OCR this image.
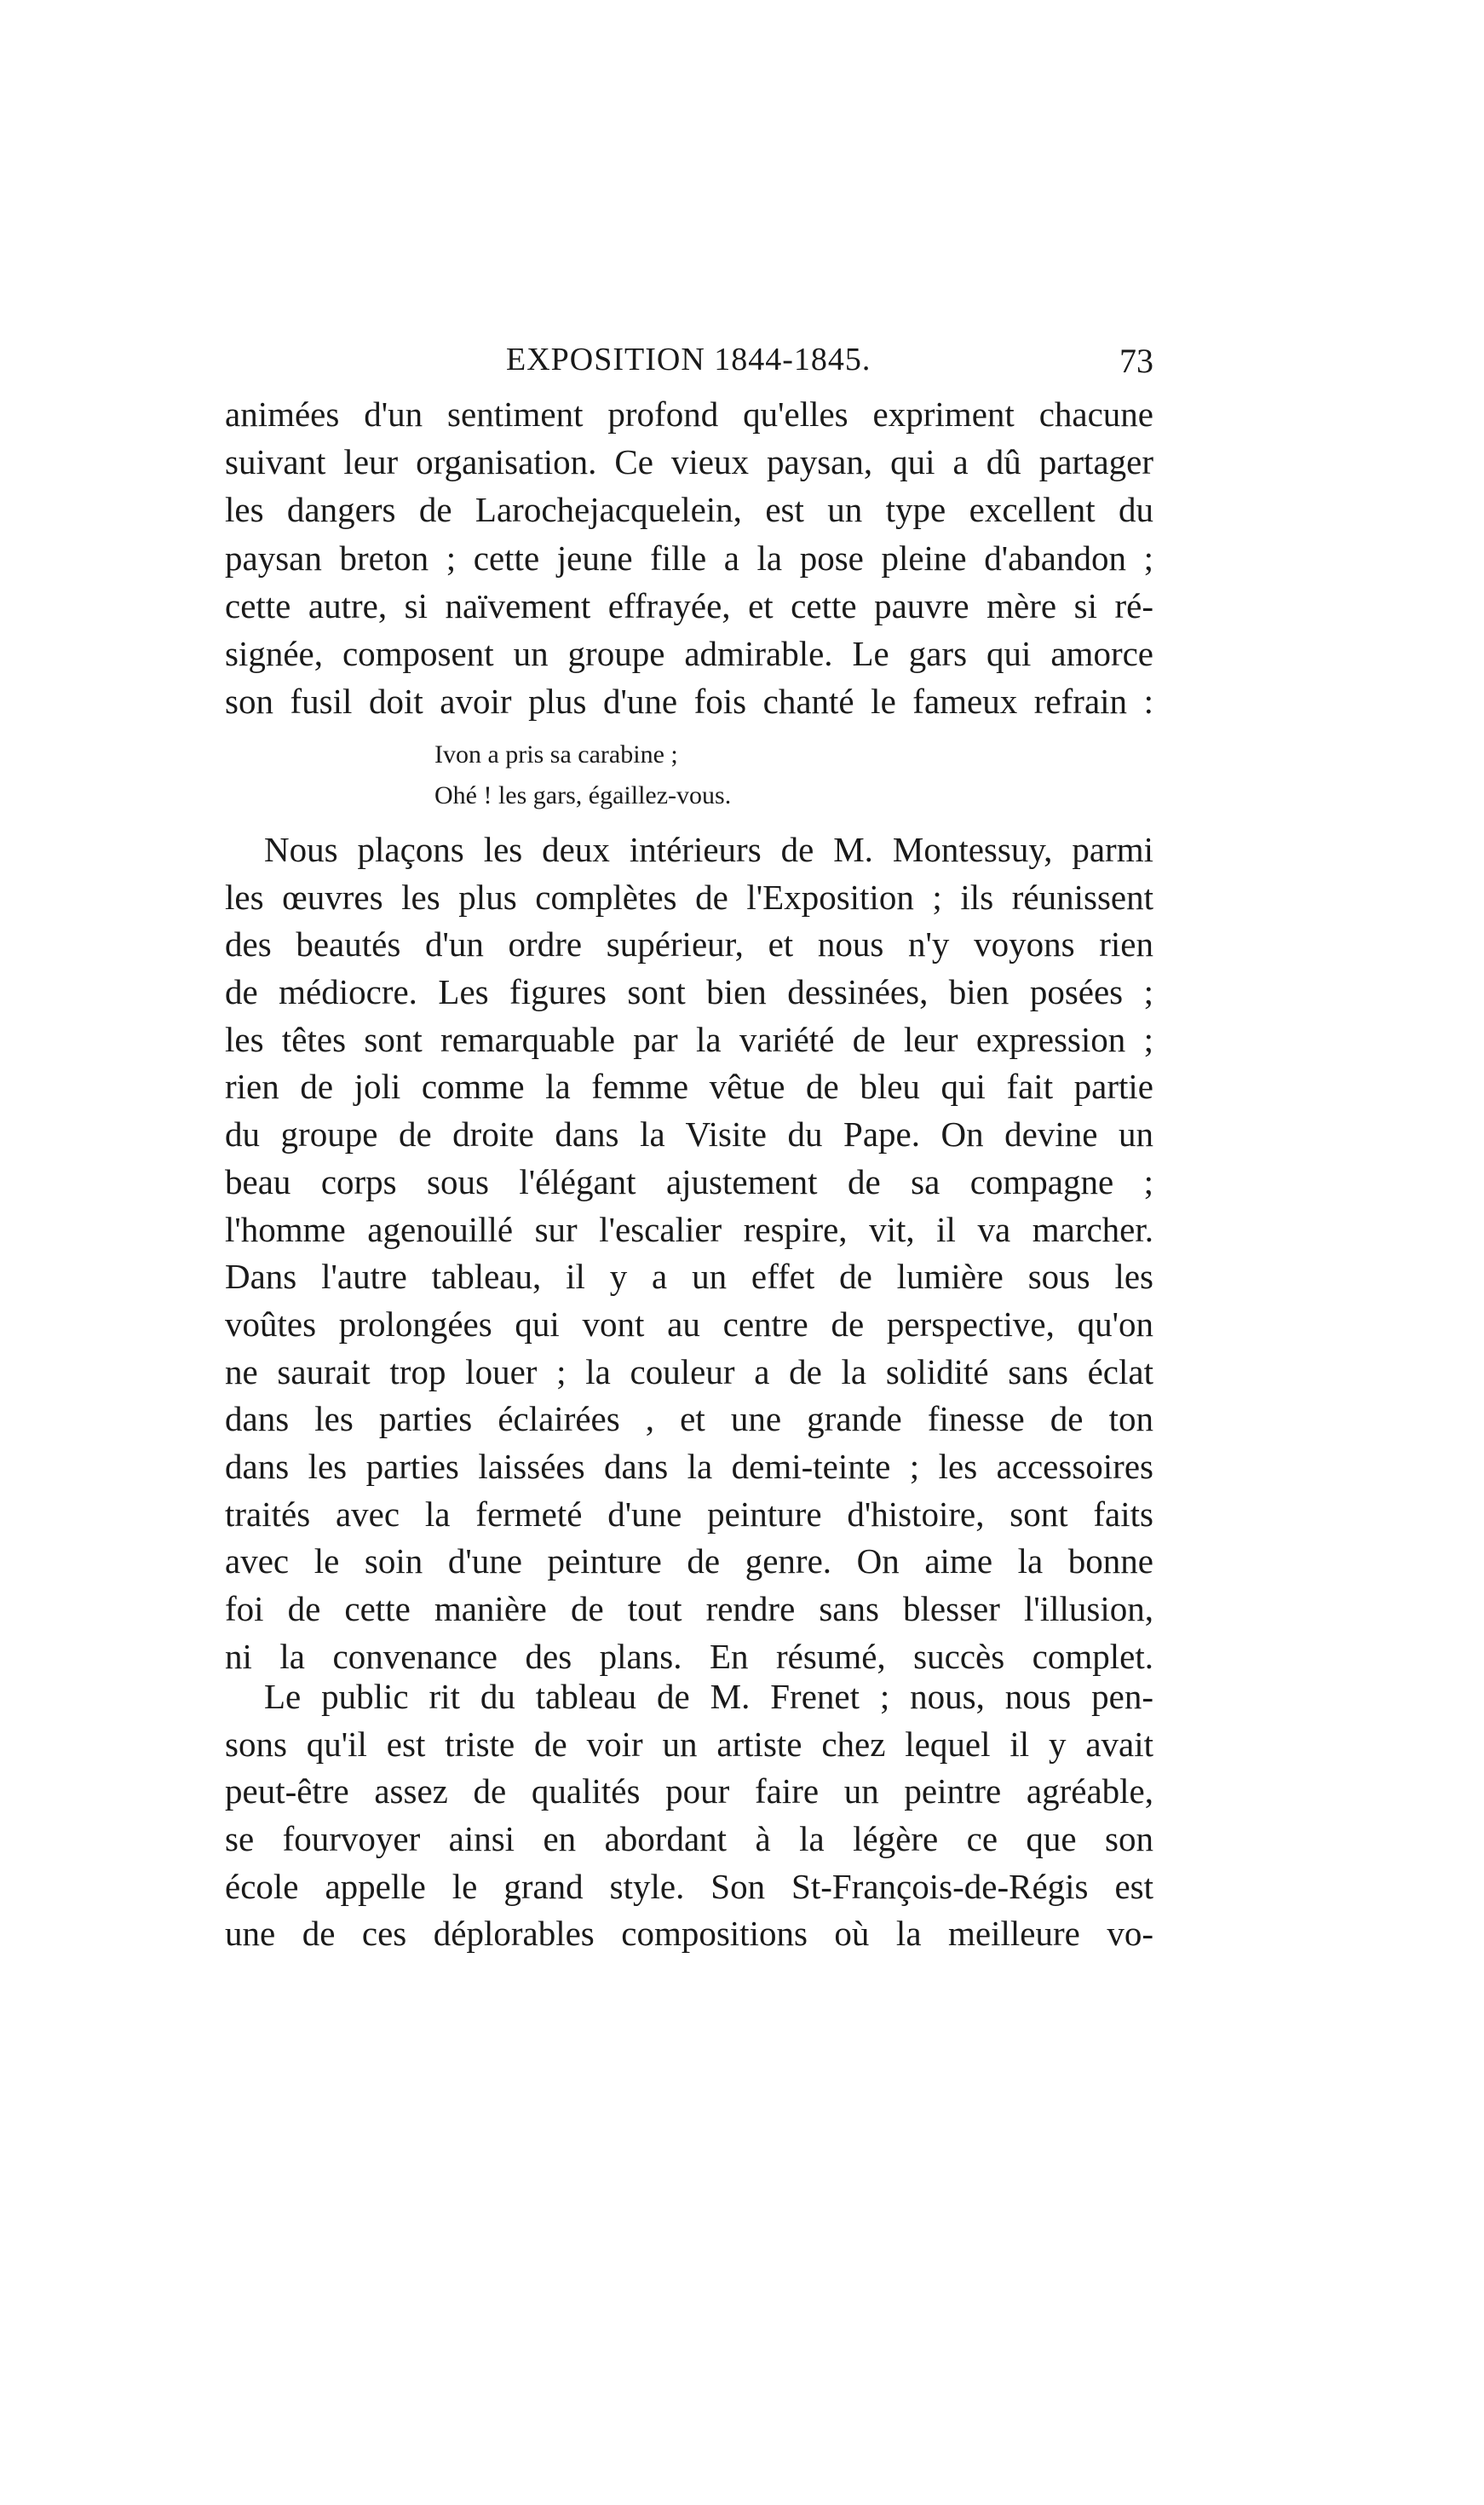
EXPOSITION 1844-1845.	73
animées d'un sentiment profond qu'elles expriment chacune
suivant leur organisation. Ce vieux paysan, qui a dû partager
les dangers de Larochejacquelein, est un type excellent du
paysan breton ; cette jeune fille a la pose pleine d'abandon ;
cette autre, si naïvement effrayée, et cette pauvre mère si ré-
signée, composent un groupe admirable. Le gars qui amorce
son fusil doit avoir plus d'une fois chanté le fameux refrain :
Ivon a pris sa carabine ;
Ohé ! les gars, égaillez-vous.
Nous plaçons les deux intérieurs de M. Montessuy, parmi
les œuvres les plus complètes de l'Exposition ; ils réunissent
des beautés d'un ordre supérieur, et nous n'y voyons rien
de médiocre. Les figures sont bien dessinées, bien posées ;
les têtes sont remarquable par la variété de leur expression ;
rien de joli comme la femme vêtue de bleu qui fait partie
du groupe de droite dans la Visite du Pape. On devine un
beau corps sous l'élégant ajustement de sa compagne ;
l'homme agenouillé sur l'escalier respire, vit, il va marcher.
Dans l'autre tableau, il y a un effet de lumière sous les
voûtes prolongées qui vont au centre de perspective, qu'on
ne saurait trop louer ; la couleur a de la solidité sans éclat
dans les parties éclairées , et une grande finesse de ton
dans les parties laissées dans la demi-teinte ; les accessoires
traités avec la fermeté d'une peinture d'histoire, sont faits
avec le soin d'une peinture de genre. On aime la bonne
foi de cette manière de tout rendre sans blesser l'illusion,
ni la convenance des plans. En résumé, succès complet.
Le public rit du tableau de M. Frenet ; nous, nous pen-
sons qu'il est triste de voir un artiste chez lequel il y avait
peut-être assez de qualités pour faire un peintre agréable,
se fourvoyer ainsi en abordant à la légère ce que son
école appelle le grand style. Son St-François-de-Régis est
une de ces déplorables compositions où la meilleure vo-
